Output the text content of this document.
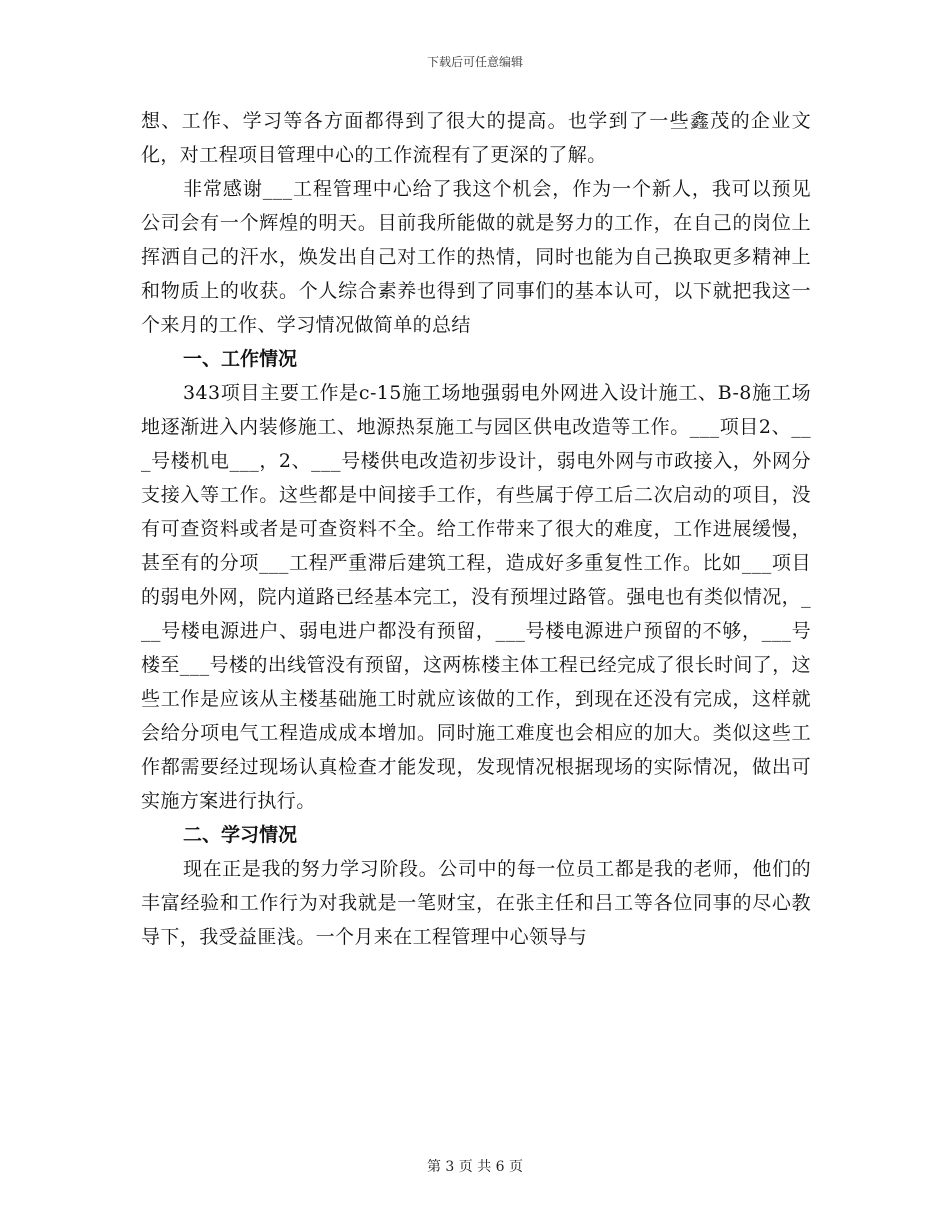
下载后可任意编辑

想、工作、学习等各方面都得到了很大的提高。也学到了一些鑫茂的企业文化，对工程项目管理中心的工作流程有了更深的了解。

非常感谢___工程管理中心给了我这个机会，作为一个新人，我可以预见公司会有一个辉煌的明天。目前我所能做的就是努力的工作，在自己的岗位上挥洒自己的汗水，焕发出自己对工作的热情，同时也能为自己换取更多精神上和物质上的收获。个人综合素养也得到了同事们的基本认可，以下就把我这一个来月的工作、学习情况做简单的总结

一、工作情况

343项目主要工作是c-15施工场地强弱电外网进入设计施工、B-8施工场地逐渐进入内装修施工、地源热泵施工与园区供电改造等工作。___项目2、___号楼机电___，2、___号楼供电改造初步设计，弱电外网与市政接入，外网分支接入等工作。这些都是中间接手工作，有些属于停工后二次启动的项目，没有可查资料或者是可查资料不全。给工作带来了很大的难度，工作进展缓慢，甚至有的分项___工程严重滞后建筑工程，造成好多重复性工作。比如___项目的弱电外网，院内道路已经基本完工，没有预埋过路管。强电也有类似情况，___号楼电源进户、弱电进户都没有预留，___号楼电源进户预留的不够，___号楼至___号楼的出线管没有预留，这两栋楼主体工程已经完成了很长时间了，这些工作是应该从主楼基础施工时就应该做的工作，到现在还没有完成，这样就会给分项电气工程造成成本增加。同时施工难度也会相应的加大。类似这些工作都需要经过现场认真检查才能发现，发现情况根据现场的实际情况，做出可实施方案进行执行。

二、学习情况

现在正是我的努力学习阶段。公司中的每一位员工都是我的老师，他们的丰富经验和工作行为对我就是一笔财宝，在张主任和吕工等各位同事的尽心教导下，我受益匪浅。一个月来在工程管理中心领导与

第 3 页 共 6 页
